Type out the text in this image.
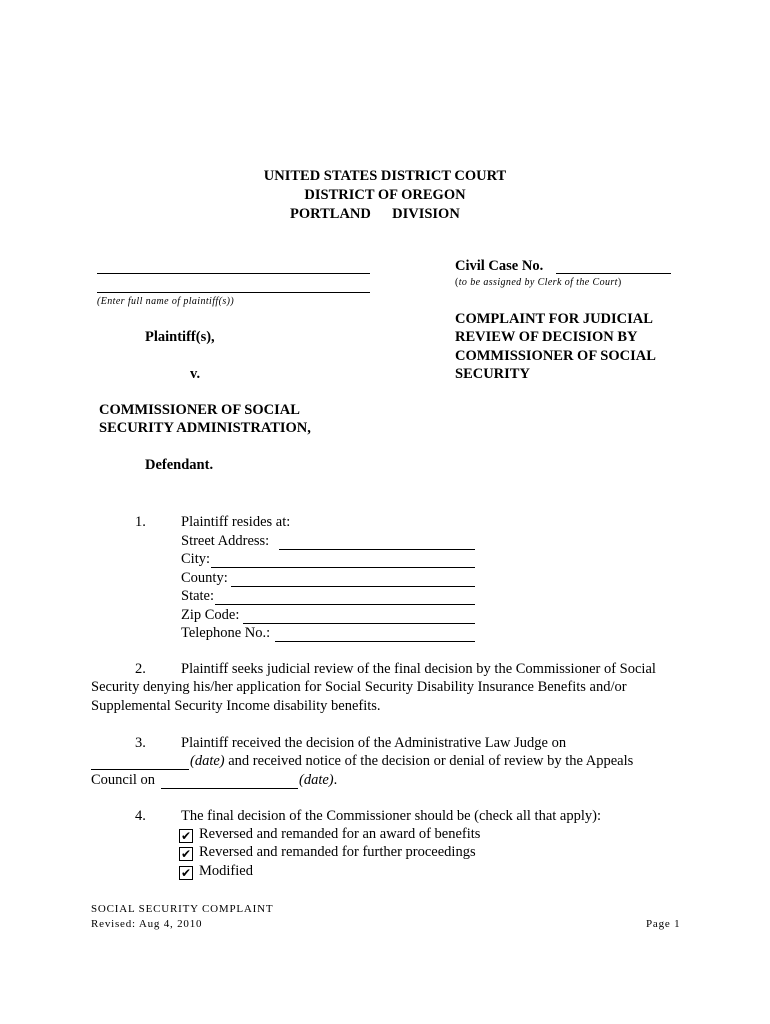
UNITED STATES DISTRICT COURT
DISTRICT OF OREGON
PORTLAND DIVISION
(Enter full name of plaintiff(s))
Civil Case No.
(to be assigned by Clerk of the Court)
COMPLAINT FOR JUDICIAL
REVIEW OF DECISION BY
COMMISSIONER OF SOCIAL
SECURITY
Plaintiff(s),
v.
COMMISSIONER OF SOCIAL
SECURITY ADMINISTRATION,
Defendant.
1. Plaintiff resides at:
Street Address:
City:
County:
State:
Zip Code:
Telephone No.:
2. Plaintiff seeks judicial review of the final decision by the Commissioner of Social
Security denying his/her application for Social Security Disability Insurance Benefits and/or
Supplemental Security Income disability benefits.
3. Plaintiff received the decision of the Administrative Law Judge on
(date) and received notice of the decision or denial of review by the Appeals
Council on	(date).
4. The final decision of the Commissioner should be (check all that apply):
✔ Reversed and remanded for an award of benefits
✔ Reversed and remanded for further proceedings
✔ Modified
SOCIAL SECURITY COMPLAINT
Revised: Aug 4, 2010	Page 1
